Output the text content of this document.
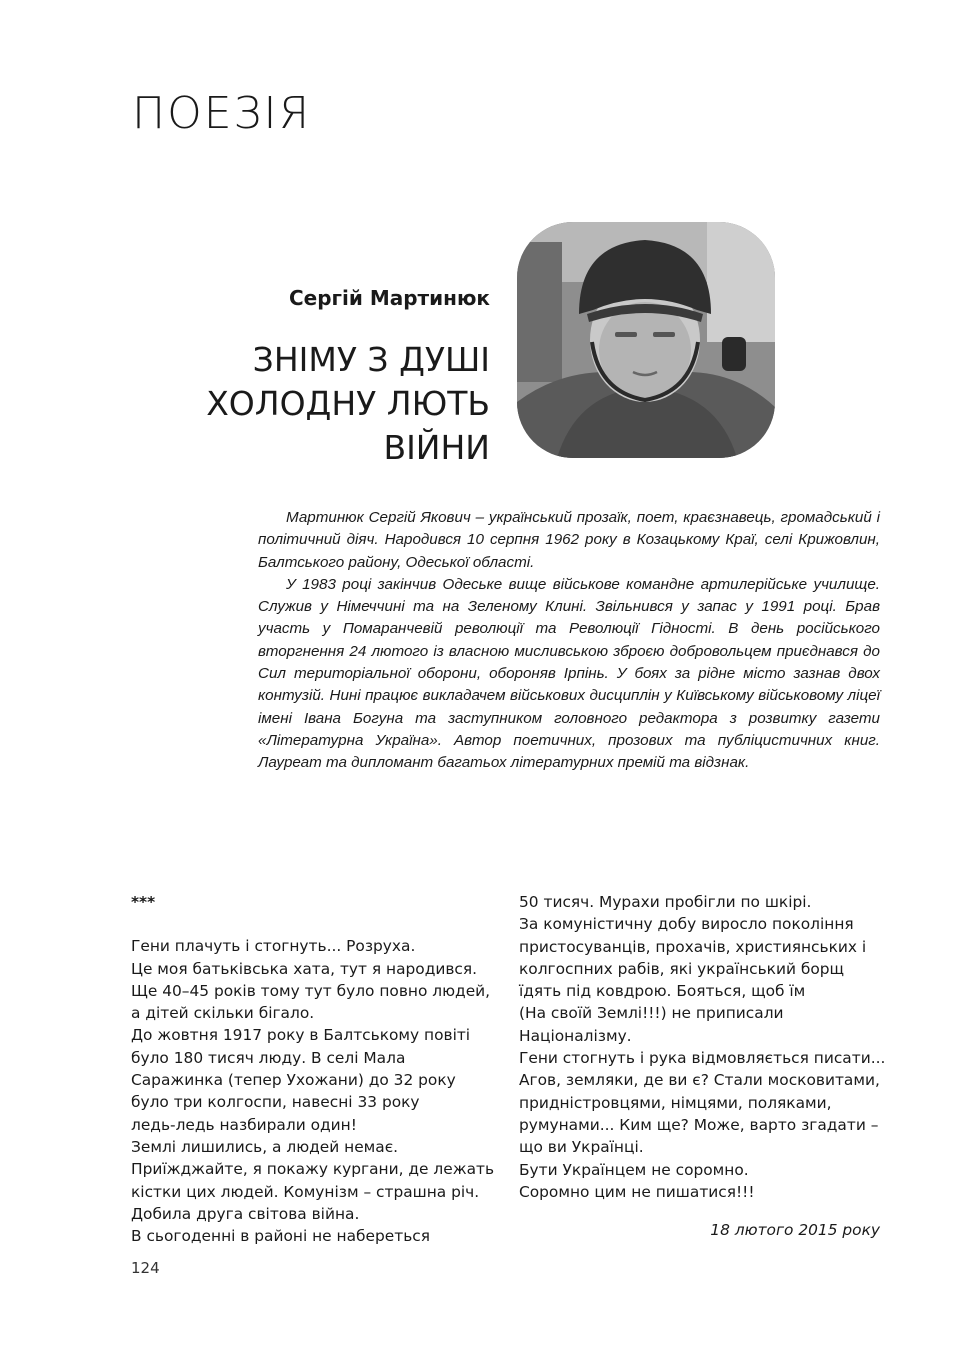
ПОЕЗІЯ
Сергій Мартинюк
ЗНІМУ З ДУШІ
ХОЛОДНУ ЛЮТЬ
ВІЙНИ

Мартинюк Сергій Якович – український прозаїк, поет, краєзнавець, громадський і політичний діяч. Народився 10 серпня 1962 року в Козацькому Краї, селі Крижовлин, Балтського району, Одеської області.

У 1983 році закінчив Одеське вище військове командне артилерійське училище. Служив у Німеччині та на Зеленому Клині. Звільнився у запас у 1991 році. Брав участь у Помаранчевій революції та Революції Гідності. В день російського вторгнення 24 лютого із власною мисливською зброєю добровольцем приєднався до Сил територіальної оборони, обороняв Ірпінь. У боях за рідне місто зазнав двох контузій. Нині працює викладачем військових дисциплін у Київському військовому ліцеї імені Івана Богуна та заступником головного редактора з розвитку газети «Літературна Україна». Автор поетичних, прозових та публіцистичних книг. Лауреат та дипломант багатьох літературних премій та відзнак.

***
Гени плачуть і стогнуть... Розруха.
Це моя батьківська хата, тут я народився.
Ще 40–45 років тому тут було повно людей,
а дітей скільки бігало.
До жовтня 1917 року в Балтському повіті
було 180 тисяч люду. В селі Мала
Саражинка (тепер Ухожани) до 32 року
було три колгоспи, навесні 33 року
ледь-ледь назбирали один!
Землі лишились, а людей немає.
Приїжджайте, я покажу кургани, де лежать
кістки цих людей. Комунізм – страшна річ.
Добила друга світова війна.
В сьогоденні в районі не набереться
50 тисяч. Мурахи пробігли по шкірі.
За комуністичну добу виросло покоління
пристосуванців, прохачів, християнських і
колгоспних рабів, які український борщ
їдять під ковдрою. Бояться, щоб їм
(На своїй Землі!!!) не приписали
Націоналізму.
Гени стогнуть і рука відмовляється писати...
Агов, земляки, де ви є? Стали московитами,
придністровцями, німцями, поляками,
румунами... Ким ще? Може, варто згадати –
що ви Українці.
Бути Українцем не соромно.
Соромно цим не пишатися!!!
18 лютого 2015 року
124
